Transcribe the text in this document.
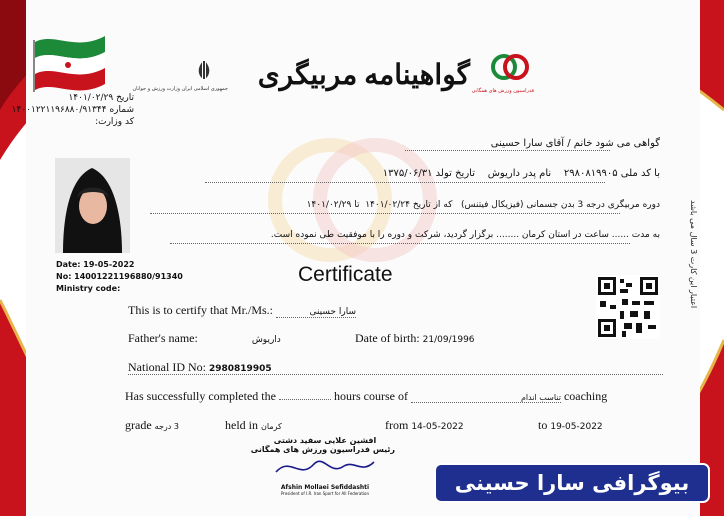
جمهوری اسلامی ایران وزارت ورزش و جوانان گواهینامه مربیگری فدراسیون ورزش های همگانی
تاریخ ۱۴۰۱/۰۲/۲۹
شماره ۱۴۰۰۱۲۲۱۱۹۶۸۸۰/۹۱۳۴۴
کد وزارت:
گواهی می شود خانم / آقای سارا حسینی
با کد ملی ۲۹۸۰۸۱۹۹۰۵    نام پدر داریوش    تاریخ تولد ۱۳۷۵/۰۶/۳۱
دوره مربیگری درجه 3 بدن جسمانی (فیزیکال فیتنس)   که از تاریخ ۱۴۰۱/۰۲/۲۴  تا ۱۴۰۱/۰۲/۲۹
به مدت ...... ساعت در استان کرمان ........ برگزار گردید، شرکت و دوره را با موفقیت طی نموده است.	اعتبار این کارت 3 سال می باشد
Date: 19-05-2022
No: 14001221196880/91340
Ministry code:
Certificate
This is to certify that Mr./Ms.:	سارا حسینی
Father's name:	داریوش	Date of birth: 21/09/1996
National ID No: 2980819905
Has successfully completed the	hours course of	تناسب اندام coaching
grade 3 درجه	held in کرمان	from 14-05-2022	to 19-05-2022
افشین علایی سفید دشتی
رئیس فدراسیون ورزش های همگانی
Afshin Mollaei Sefiddashti
President of I.R. Iran Sport for All Federation	بیوگرافی سارا حسینی
